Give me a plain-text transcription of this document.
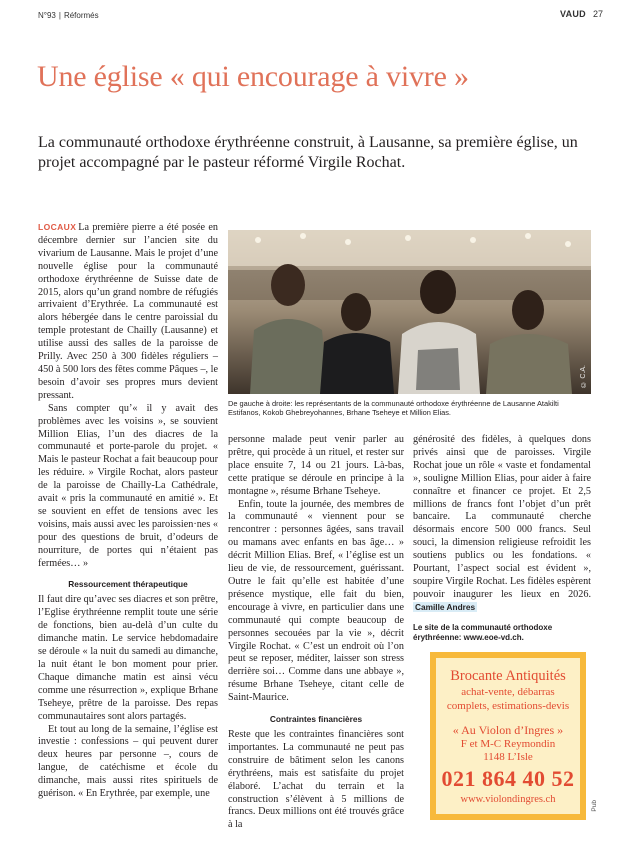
N°93 | Réformés	VAUD 27
Une église « qui encourage à vivre »

La communauté orthodoxe érythréenne construit, à Lausanne, sa première église, un projet accompagné par le pasteur réformé Virgile Rochat.

LOCAUX La première pierre a été posée en décembre dernier sur l’ancien site du vivarium de Lausanne. Mais le projet d’une nouvelle église pour la communauté orthodoxe érythréenne de Suisse date de 2015, alors qu’un grand nombre de réfugiés arrivaient d’Erythrée. La communauté est alors hébergée dans le centre paroissial du temple protestant de Chailly (Lausanne) et utilise aussi des salles de la paroisse de Prilly. Avec 250 à 300 fidèles réguliers – 450 à 500 lors des fêtes comme Pâques –, le besoin d’avoir ses propres murs devient pressant.

Sans compter qu’« il y avait des problèmes avec les voisins », se souvient Million Elias, l’un des diacres de la communauté et porte-parole du projet. « Mais le pasteur Rochat a fait beaucoup pour les réduire. » Virgile Rochat, alors pasteur de la paroisse de Chailly-La Cathédrale, avait « pris la communauté en amitié ». Et se souvient en effet de tensions avec les voisins, mais aussi avec les paroissien·nes « pour des questions de bruit, d’odeurs de nourriture, de portes qui n’étaient pas fermées… »

Ressourcement thérapeutique

Il faut dire qu’avec ses diacres et son prêtre, l’Eglise érythréenne remplit toute une série de fonctions, bien au-delà d’un culte du dimanche matin. Le service hebdomadaire se déroule « la nuit du samedi au dimanche, la nuit étant le bon moment pour prier. Chaque dimanche matin est ainsi vécu comme une résurrection », explique Brhane Tseheye, prêtre de la paroisse. Des repas communautaires sont alors partagés.

Et tout au long de la semaine, l’église est investie : confessions – qui peuvent durer deux heures par personne –, cours de langue, de catéchisme et école du dimanche, mais aussi rites spirituels de guérison. « En Erythrée, par exemple, une

© C.A.
De gauche à droite: les représentants de la communauté orthodoxe érythréenne de Lausanne Atakilti Estifanos, Kokob Ghebreyohannes, Brhane Tseheye et Million Elias.

personne malade peut venir parler au prêtre, qui procède à un rituel, et rester sur place ensuite 7, 14 ou 21 jours. Là-bas, cette pratique se déroule en principe à la montagne », résume Brhane Tseheye.

Enfin, toute la journée, des membres de la communauté « viennent pour se rencontrer : personnes âgées, sans travail ou mamans avec enfants en bas âge… » décrit Million Elias. Bref, « l’église est un lieu de vie, de ressourcement, guérissant. Outre le fait qu’elle est habitée d’une présence mystique, elle fait du bien, encourage à vivre, en particulier dans une communauté qui compte beaucoup de personnes secouées par la vie », décrit Virgile Rochat. « C’est un endroit où l’on peut se reposer, méditer, laisser son stress derrière soi… Comme dans une abbaye », résume Brhane Tseheye, citant celle de Saint-Maurice.

Contraintes financières

Reste que les contraintes financières sont importantes. La communauté ne peut pas construire de bâtiment selon les canons érythréens, mais est satisfaite du projet élaboré. L’achat du terrain et la construction s’élèvent à 5 millions de francs. Deux millions ont été trouvés grâce à la

générosité des fidèles, à quelques dons privés ainsi que de paroisses. Virgile Rochat joue un rôle « vaste et fondamental », souligne Million Elias, pour aider à faire connaître et financer ce projet. Et 2,5 millions de francs font l’objet d’un prêt bancaire. La communauté cherche désormais encore 500 000 francs. Seul souci, la dimension religieuse refroidit les soutiens publics ou les fondations. « Pourtant, l’aspect social est évident », soupire Virgile Rochat. Les fidèles espèrent pouvoir inaugurer les lieux en 2026. Camille Andres

Le site de la communauté orthodoxe érythréenne: www.eoe-vd.ch.
Brocante Antiquités
achat-vente, débarras
complets, estimations-devis
« Au Violon d’Ingres »
F et M-C Reymondin
1148 L’Isle
021 864 40 52
www.violondingres.ch
Pub
